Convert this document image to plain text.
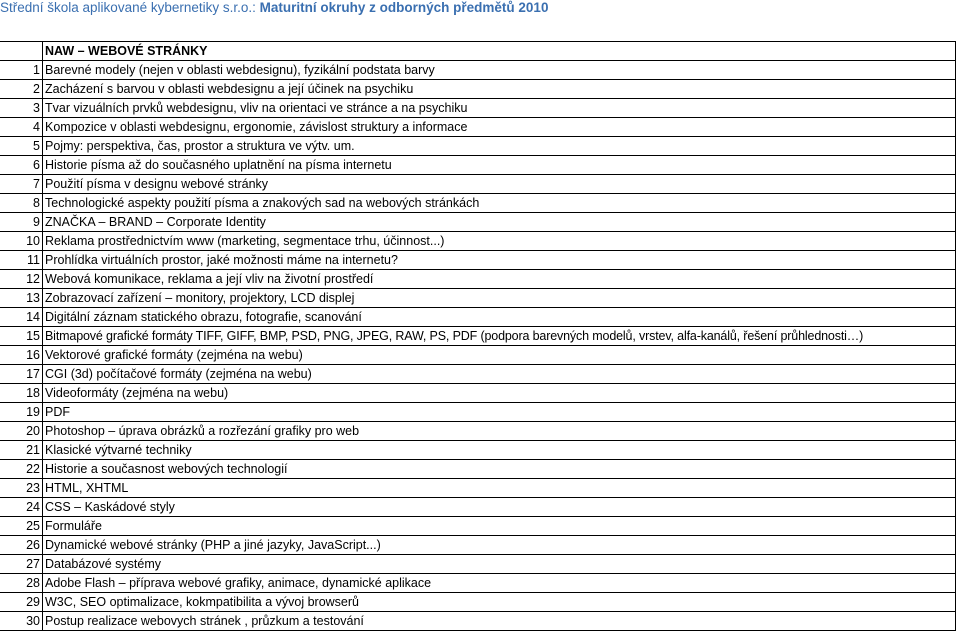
Střední škola aplikované kybernetiky s.r.o.: Maturitní okruhy z odborných předmětů 2010
	NAW – WEBOVÉ STRÁNKY
1	Barevné modely (nejen v oblasti webdesignu), fyzikální podstata barvy
2	Zacházení s barvou v oblasti webdesignu a její účinek na psychiku
3	Tvar vizuálních prvků webdesignu, vliv na orientaci ve stránce a na psychiku
4	Kompozice v oblasti webdesignu, ergonomie, závislost struktury a informace
5	Pojmy: perspektiva, čas, prostor a struktura ve výtv. um.
6	Historie písma až do současného uplatnění na písma internetu
7	Použití písma v designu webové stránky
8	Technologické aspekty použití písma a znakových sad na webových stránkách
9	ZNAČKA – BRAND – Corporate Identity
10	Reklama prostřednictvím www (marketing, segmentace trhu, účinnost...)
11	Prohlídka virtuálních prostor, jaké možnosti máme na internetu?
12	Webová komunikace, reklama a její vliv na životní prostředí
13	Zobrazovací zařízení – monitory, projektory, LCD displej
14	Digitální záznam statického obrazu, fotografie, scanování
15	Bitmapové grafické formáty TIFF, GIFF, BMP, PSD, PNG, JPEG, RAW, PS, PDF (podpora barevných modelů, vrstev, alfa-kanálů, řešení průhlednosti…)
16	Vektorové grafické formáty (zejména na webu)
17	CGI (3d) počítačové formáty (zejména na webu)
18	Videoformáty (zejména na webu)
19	PDF
20	Photoshop – úprava obrázků a rozřezání grafiky pro web
21	Klasické výtvarné techniky
22	Historie a současnost webových technologií
23	HTML, XHTML
24	CSS – Kaskádové styly
25	Formuláře
26	Dynamické webové stránky (PHP a jiné jazyky, JavaScript...)
27	Databázové systémy
28	Adobe Flash – příprava webové grafiky, animace, dynamické aplikace
29	W3C, SEO optimalizace, kokmpatibilita a vývoj browserů
30	Postup realizace webovych stránek , průzkum a testování
